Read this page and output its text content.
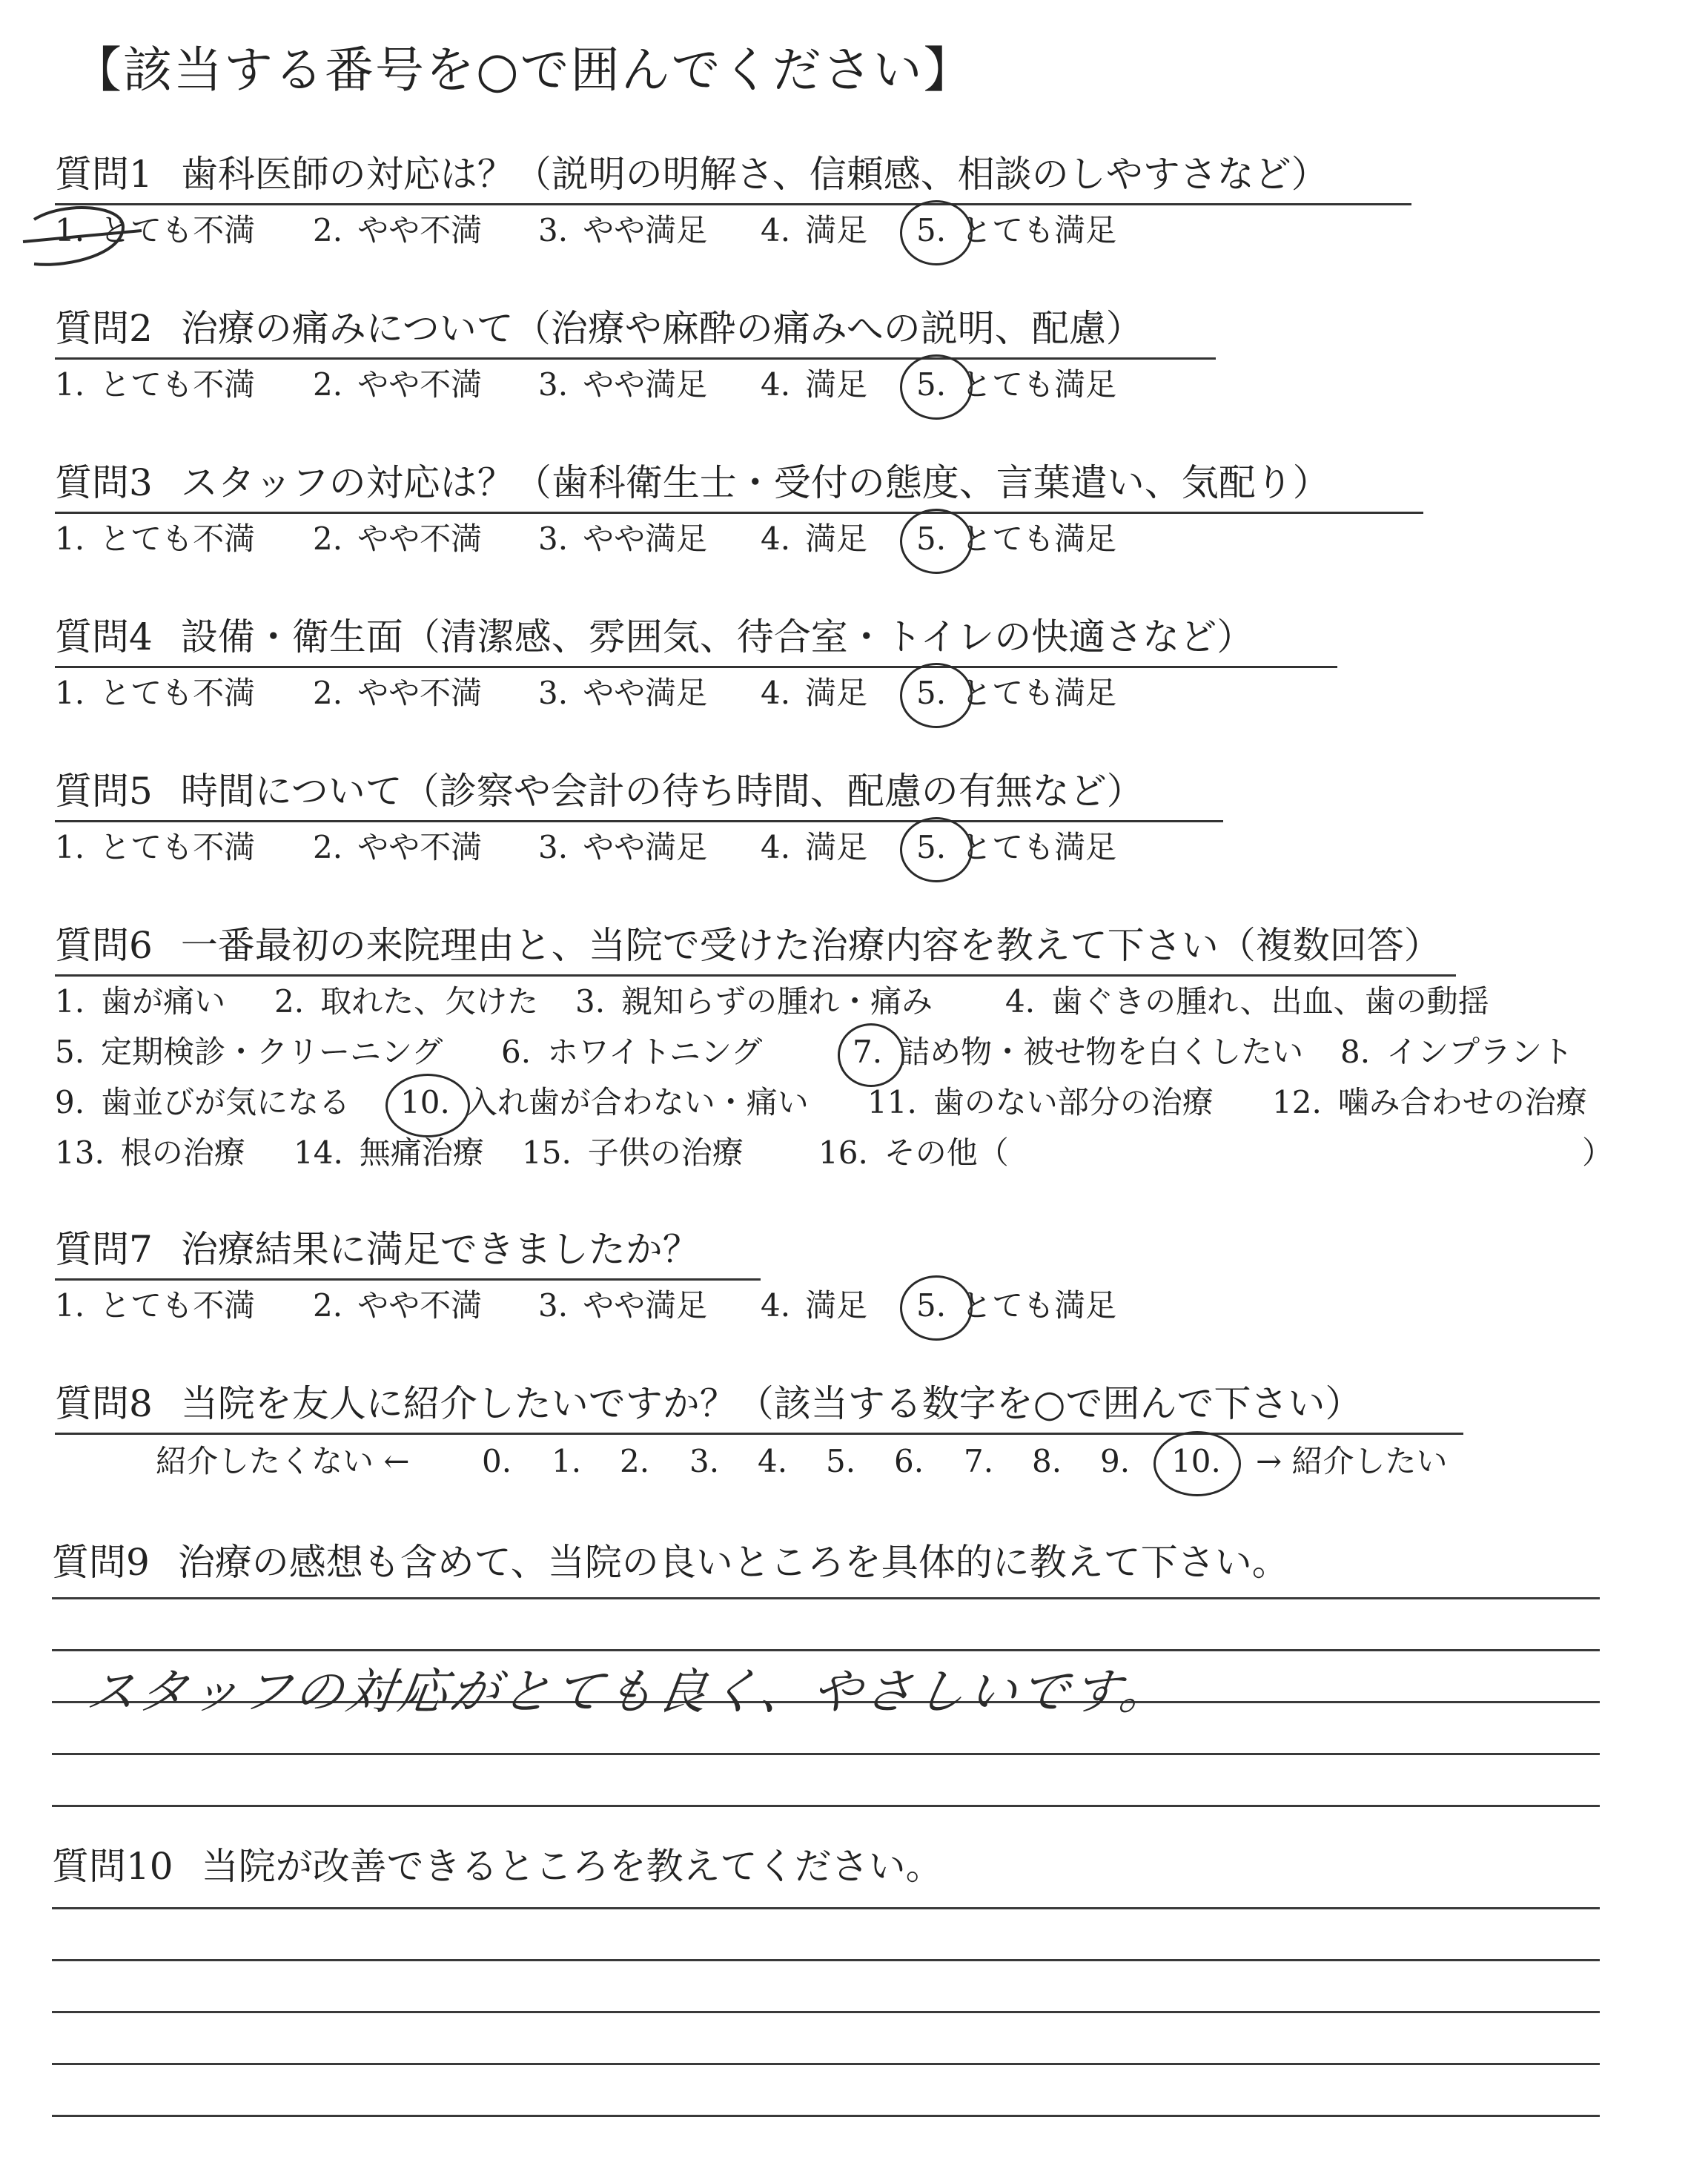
【該当する番号を○で囲んでください】
質問1 歯科医師の対応は？（説明の明解さ、信頼感、相談のしやすさなど）
1. とても不満 2. やや不満 3. やや満足 4. 満足 5. とても満足
質問2 治療の痛みについて（治療や麻酔の痛みへの説明、配慮）
1. とても不満 2. やや不満 3. やや満足 4. 満足 5. とても満足
質問3 スタッフの対応は？（歯科衛生士・受付の態度、言葉遣い、気配り）
1. とても不満 2. やや不満 3. やや満足 4. 満足 5. とても満足
質問4 設備・衛生面（清潔感、雰囲気、待合室・トイレの快適さなど）
1. とても不満 2. やや不満 3. やや満足 4. 満足 5. とても満足
質問5 時間について（診察や会計の待ち時間、配慮の有無など）
1. とても不満 2. やや不満 3. やや満足 4. 満足 5. とても満足
質問6 一番最初の来院理由と、当院で受けた治療内容を教えて下さい（複数回答）
1. 歯が痛い 2. 取れた、欠けた 3. 親知らずの腫れ・痛み 4. 歯ぐきの腫れ、出血、歯の動揺
5. 定期検診・クリーニング 6. ホワイトニング	7. 詰め物・被せ物を白くしたい 8. インプラント
9. 歯並びが気になる 10. 入れ歯が合わない・痛い 11. 歯のない部分の治療 12. 噛み合わせの治療
13. 根の治療 14. 無痛治療 15. 子供の治療 16. その他（	）
質問7 治療結果に満足できましたか？
1. とても不満 2. やや不満 3. やや満足 4. 満足 5. とても満足
質問8 当院を友人に紹介したいですか？（該当する数字を○で囲んで下さい）
紹介したくない ← 0. 1. 2. 3. 4. 5. 6. 7. 8. 9. 10. → 紹介したい
質問9 治療の感想も含めて、当院の良いところを具体的に教えて下さい。
スタッフの対応がとても良く、やさしいです。
質問10 当院が改善できるところを教えてください。
